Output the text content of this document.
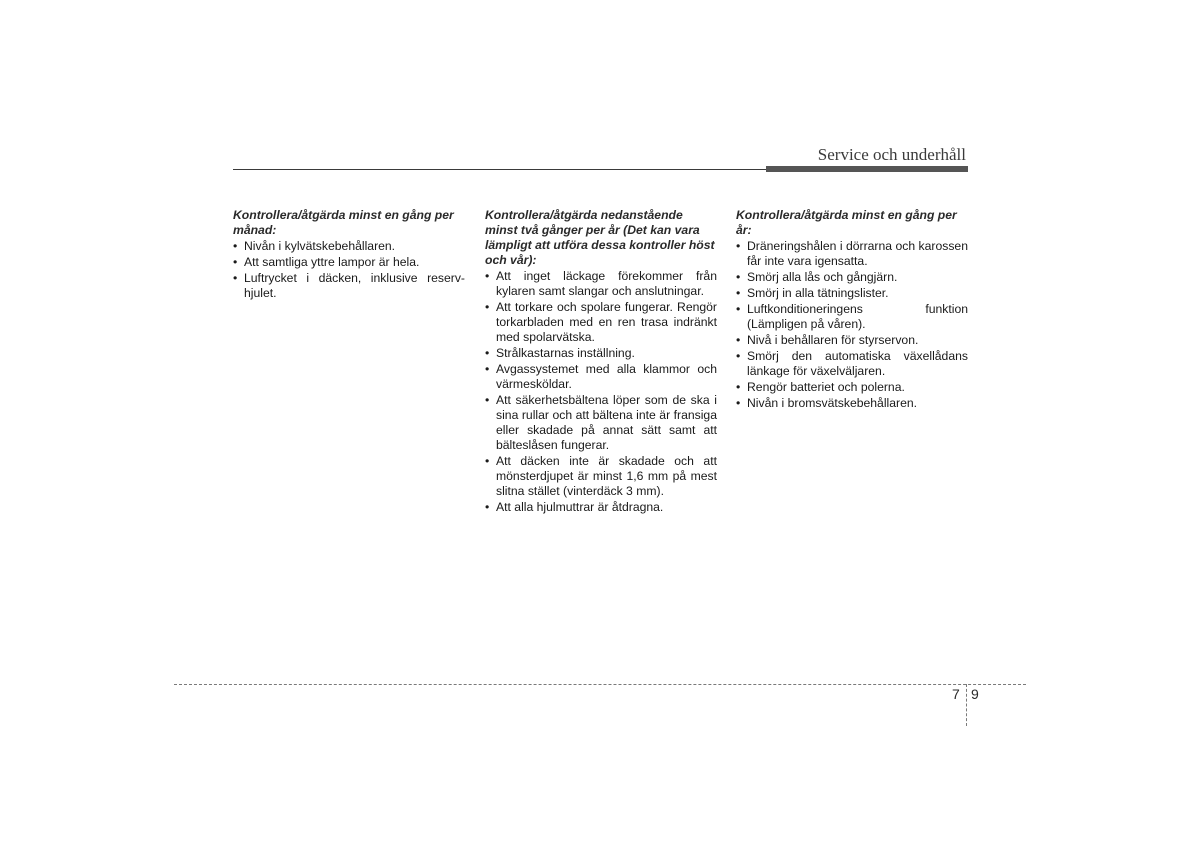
Service och underhåll
Kontrollera/åtgärda minst en gång per månad:
• Nivån i kylvätskebehållaren.
• Att samtliga yttre lampor är hela.
• Luftrycket i däcken, inklusive reserv-hjulet.
Kontrollera/åtgärda nedanstående minst två gånger per år (Det kan vara lämpligt att utföra dessa kontroller höst och vår):
• Att inget läckage förekommer från kylaren samt slangar och anslutningar.
• Att torkare och spolare fungerar. Rengör torkarbladen med en ren trasa indränkt med spolarvätska.
• Strålkastarnas inställning.
• Avgassystemet med alla klammor och värmesköldar.
• Att säkerhetsbältena löper som de ska i sina rullar och att bältena inte är fransiga eller skadade på annat sätt samt att bälteslåsen fungerar.
• Att däcken inte är skadade och att mönsterdjupet är minst 1,6 mm på mest slitna stället (vinterdäck 3 mm).
• Att alla hjulmuttrar är åtdragna.
Kontrollera/åtgärda minst en gång per år:
• Dräneringshålen i dörrarna och karossen får inte vara igensatta.
• Smörj alla lås och gångjärn.
• Smörj in alla tätningslister.
• Luftkonditioneringens funktion (Lämpligen på våren).
• Nivå i behållaren för styrservon.
• Smörj den automatiska växellådans länkage för växelväljaren.
• Rengör batteriet och polerna.
• Nivån i bromsvätskebehållaren.
7 9
